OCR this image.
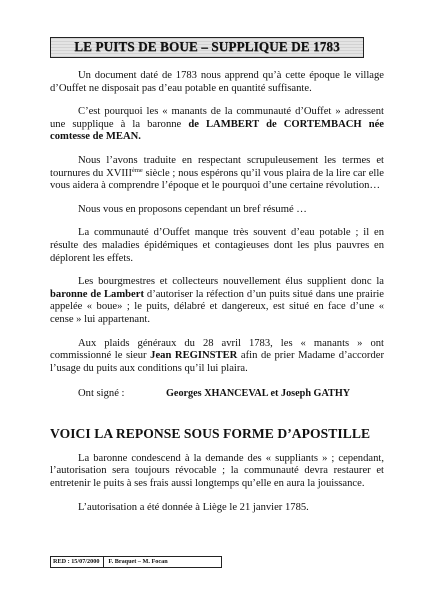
LE PUITS DE BOUE – SUPPLIQUE DE 1783

Un document daté de 1783 nous apprend qu’à cette époque le village d’Ouffet ne disposait pas d’eau potable en quantité suffisante.

C’est pourquoi les « manants de la communauté d’Ouffet » adressent une supplique à la baronne de LAMBERT de CORTEMBACH née comtesse de MEAN.

Nous l’avons traduite en respectant scrupuleusement les termes et tournures du XVIIIème siècle ; nous espérons qu’il vous plaira de la lire car elle vous aidera à comprendre l’époque et le pourquoi d’une certaine révolution…

Nous vous en proposons cependant un bref résumé …

La communauté d’Ouffet manque très souvent d’eau potable ; il en résulte des maladies épidémiques et contagieuses dont les plus pauvres en déplorent les effets.

Les bourgmestres et collecteurs nouvellement élus supplient donc la baronne de Lambert d’autoriser la réfection d’un puits situé dans une prairie appelée « boue» ; le puits, délabré et dangereux, est situé en face d’une « cense » lui appartenant.

Aux plaids généraux du 28 avril 1783, les « manants » ont commissionné le sieur Jean REGINSTER afin de prier Madame d’accorder l’usage du puits aux conditions qu’il lui plaira.

Ont signé :	Georges XHANCEVAL et Joseph GATHY
VOICI LA REPONSE SOUS FORME D’APOSTILLE

La baronne condescend à la demande des « suppliants » ; cependant, l’autorisation sera toujours révocable ; la communauté devra restaurer et entretenir le puits à ses frais aussi longtemps qu’elle en aura la jouissance.

L’autorisation a été donnée à Liège le 21 janvier 1785.

RED : 15/07/2000 F. Braquet – M. Focan
